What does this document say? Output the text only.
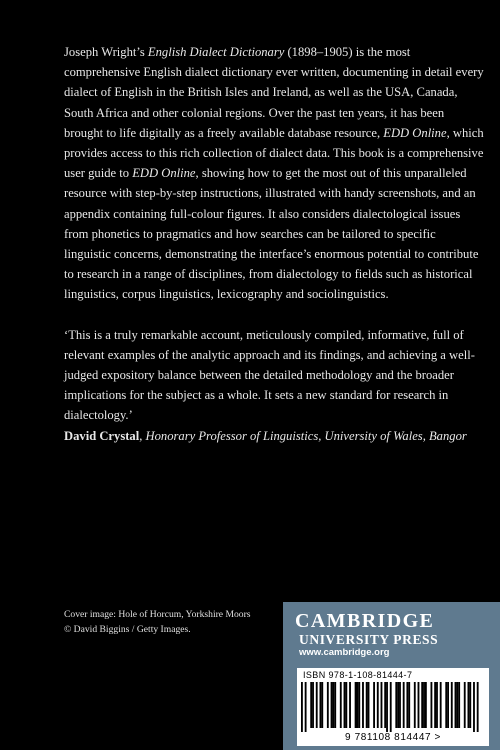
Joseph Wright’s English Dialect Dictionary (1898–1905) is the most comprehensive English dialect dictionary ever written, documenting in detail every dialect of English in the British Isles and Ireland, as well as the USA, Canada, South Africa and other colonial regions. Over the past ten years, it has been brought to life digitally as a freely available database resource, EDD Online, which provides access to this rich collection of dialect data. This book is a comprehensive user guide to EDD Online, showing how to get the most out of this unparalleled resource with step-by-step instructions, illustrated with handy screenshots, and an appendix containing full-colour figures. It also considers dialectological issues from phonetics to pragmatics and how searches can be tailored to specific linguistic concerns, demonstrating the interface’s enormous potential to contribute to research in a range of disciplines, from dialectology to fields such as historical linguistics, corpus linguistics, lexicography and sociolinguistics.

‘This is a truly remarkable account, meticulously compiled, informative, full of relevant examples of the analytic approach and its findings, and achieving a well-judged expository balance between the detailed methodology and the broader implications for the subject as a whole. It sets a new standard for research in dialectology.’
David Crystal, Honorary Professor of Linguistics, University of Wales, Bangor

Cover image: Hole of Horcum, Yorkshire Moors
© David Biggins / Getty Images.	CAMBRIDGE
UNIVERSITY PRESS
www.cambridge.org
ISBN 978-1-108-81444-7
9 781108 814447 >
